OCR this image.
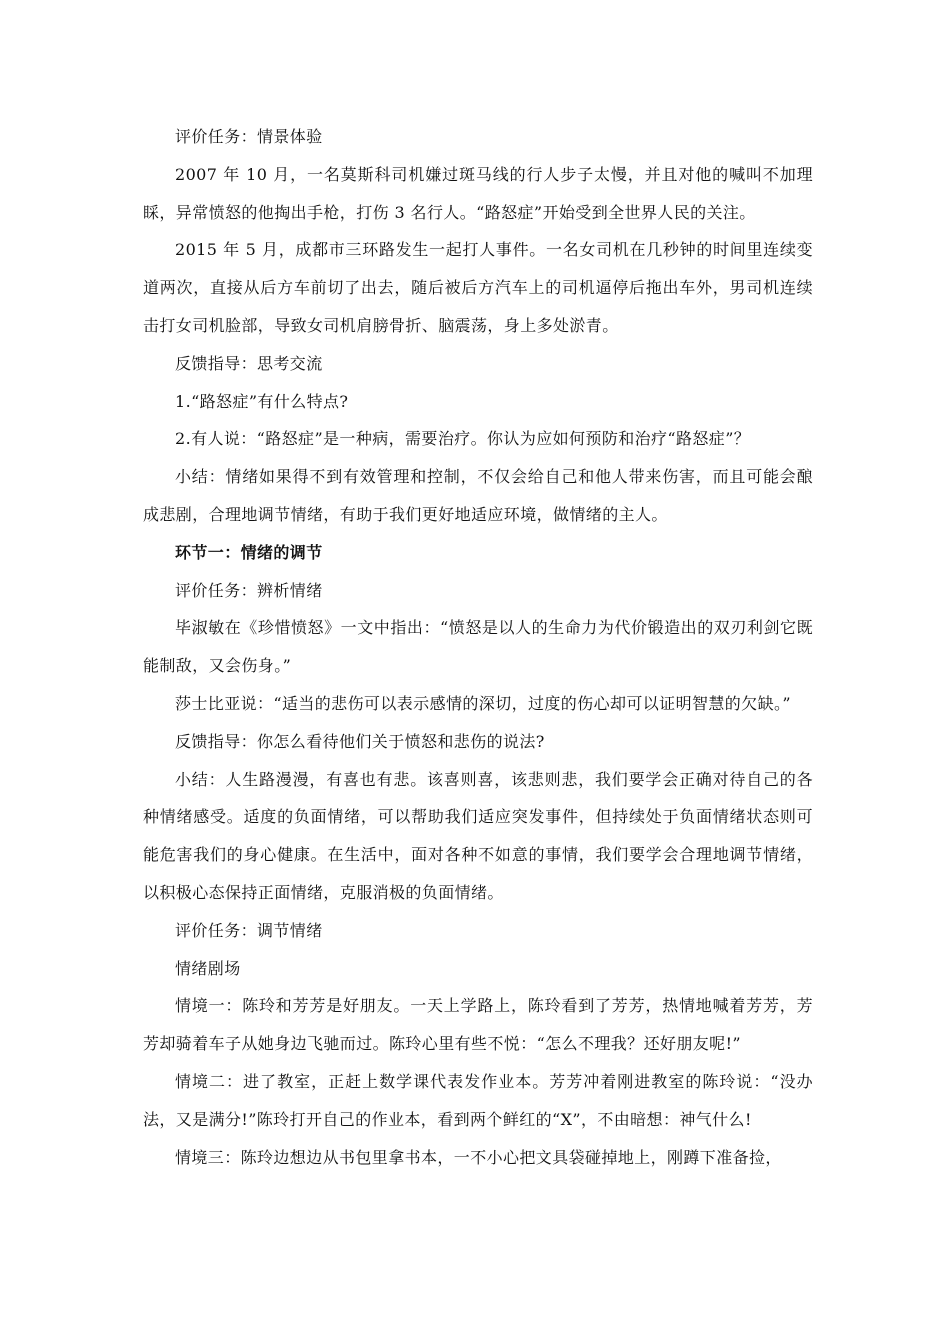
评价任务：情景体验

2007 年 10 月，一名莫斯科司机嫌过斑马线的行人步子太慢，并且对他的喊叫不加理睬，异常愤怒的他掏出手枪，打伤 3 名行人。“路怒症”开始受到全世界人民的关注。

2015 年 5 月，成都市三环路发生一起打人事件。一名女司机在几秒钟的时间里连续变道两次，直接从后方车前切了出去，随后被后方汽车上的司机逼停后拖出车外，男司机连续击打女司机脸部，导致女司机肩膀骨折、脑震荡，身上多处淤青。

反馈指导：思考交流

1.“路怒症”有什么特点?

2.有人说：“路怒症”是一种病，需要治疗。你认为应如何预防和治疗“路怒症”？

小结：情绪如果得不到有效管理和控制，不仅会给自己和他人带来伤害，而且可能会酿成悲剧，合理地调节情绪，有助于我们更好地适应环境，做情绪的主人。

环节一：情绪的调节

评价任务：辨析情绪

毕淑敏在《珍惜愤怒》一文中指出：“愤怒是以人的生命力为代价锻造出的双刃利剑它既能制敌，又会伤身。”

莎士比亚说：“适当的悲伤可以表示感情的深切，过度的伤心却可以证明智慧的欠缺。”

反馈指导：你怎么看待他们关于愤怒和悲伤的说法?

小结：人生路漫漫，有喜也有悲。该喜则喜，该悲则悲，我们要学会正确对待自己的各种情绪感受。适度的负面情绪，可以帮助我们适应突发事件，但持续处于负面情绪状态则可能危害我们的身心健康。在生活中，面对各种不如意的事情，我们要学会合理地调节情绪，以积极心态保持正面情绪，克服消极的负面情绪。

评价任务：调节情绪

情绪剧场

情境一：陈玲和芳芳是好朋友。一天上学路上，陈玲看到了芳芳，热情地喊着芳芳，芳芳却骑着车子从她身边飞驰而过。陈玲心里有些不悦：“怎么不理我？还好朋友呢!”

情境二：进了教室，正赶上数学课代表发作业本。芳芳冲着刚进教室的陈玲说：“没办法，又是满分!”陈玲打开自己的作业本，看到两个鲜红的“X”，不由暗想：神气什么!

情境三：陈玲边想边从书包里拿书本，一不小心把文具袋碰掉地上，刚蹲下准备捡，
